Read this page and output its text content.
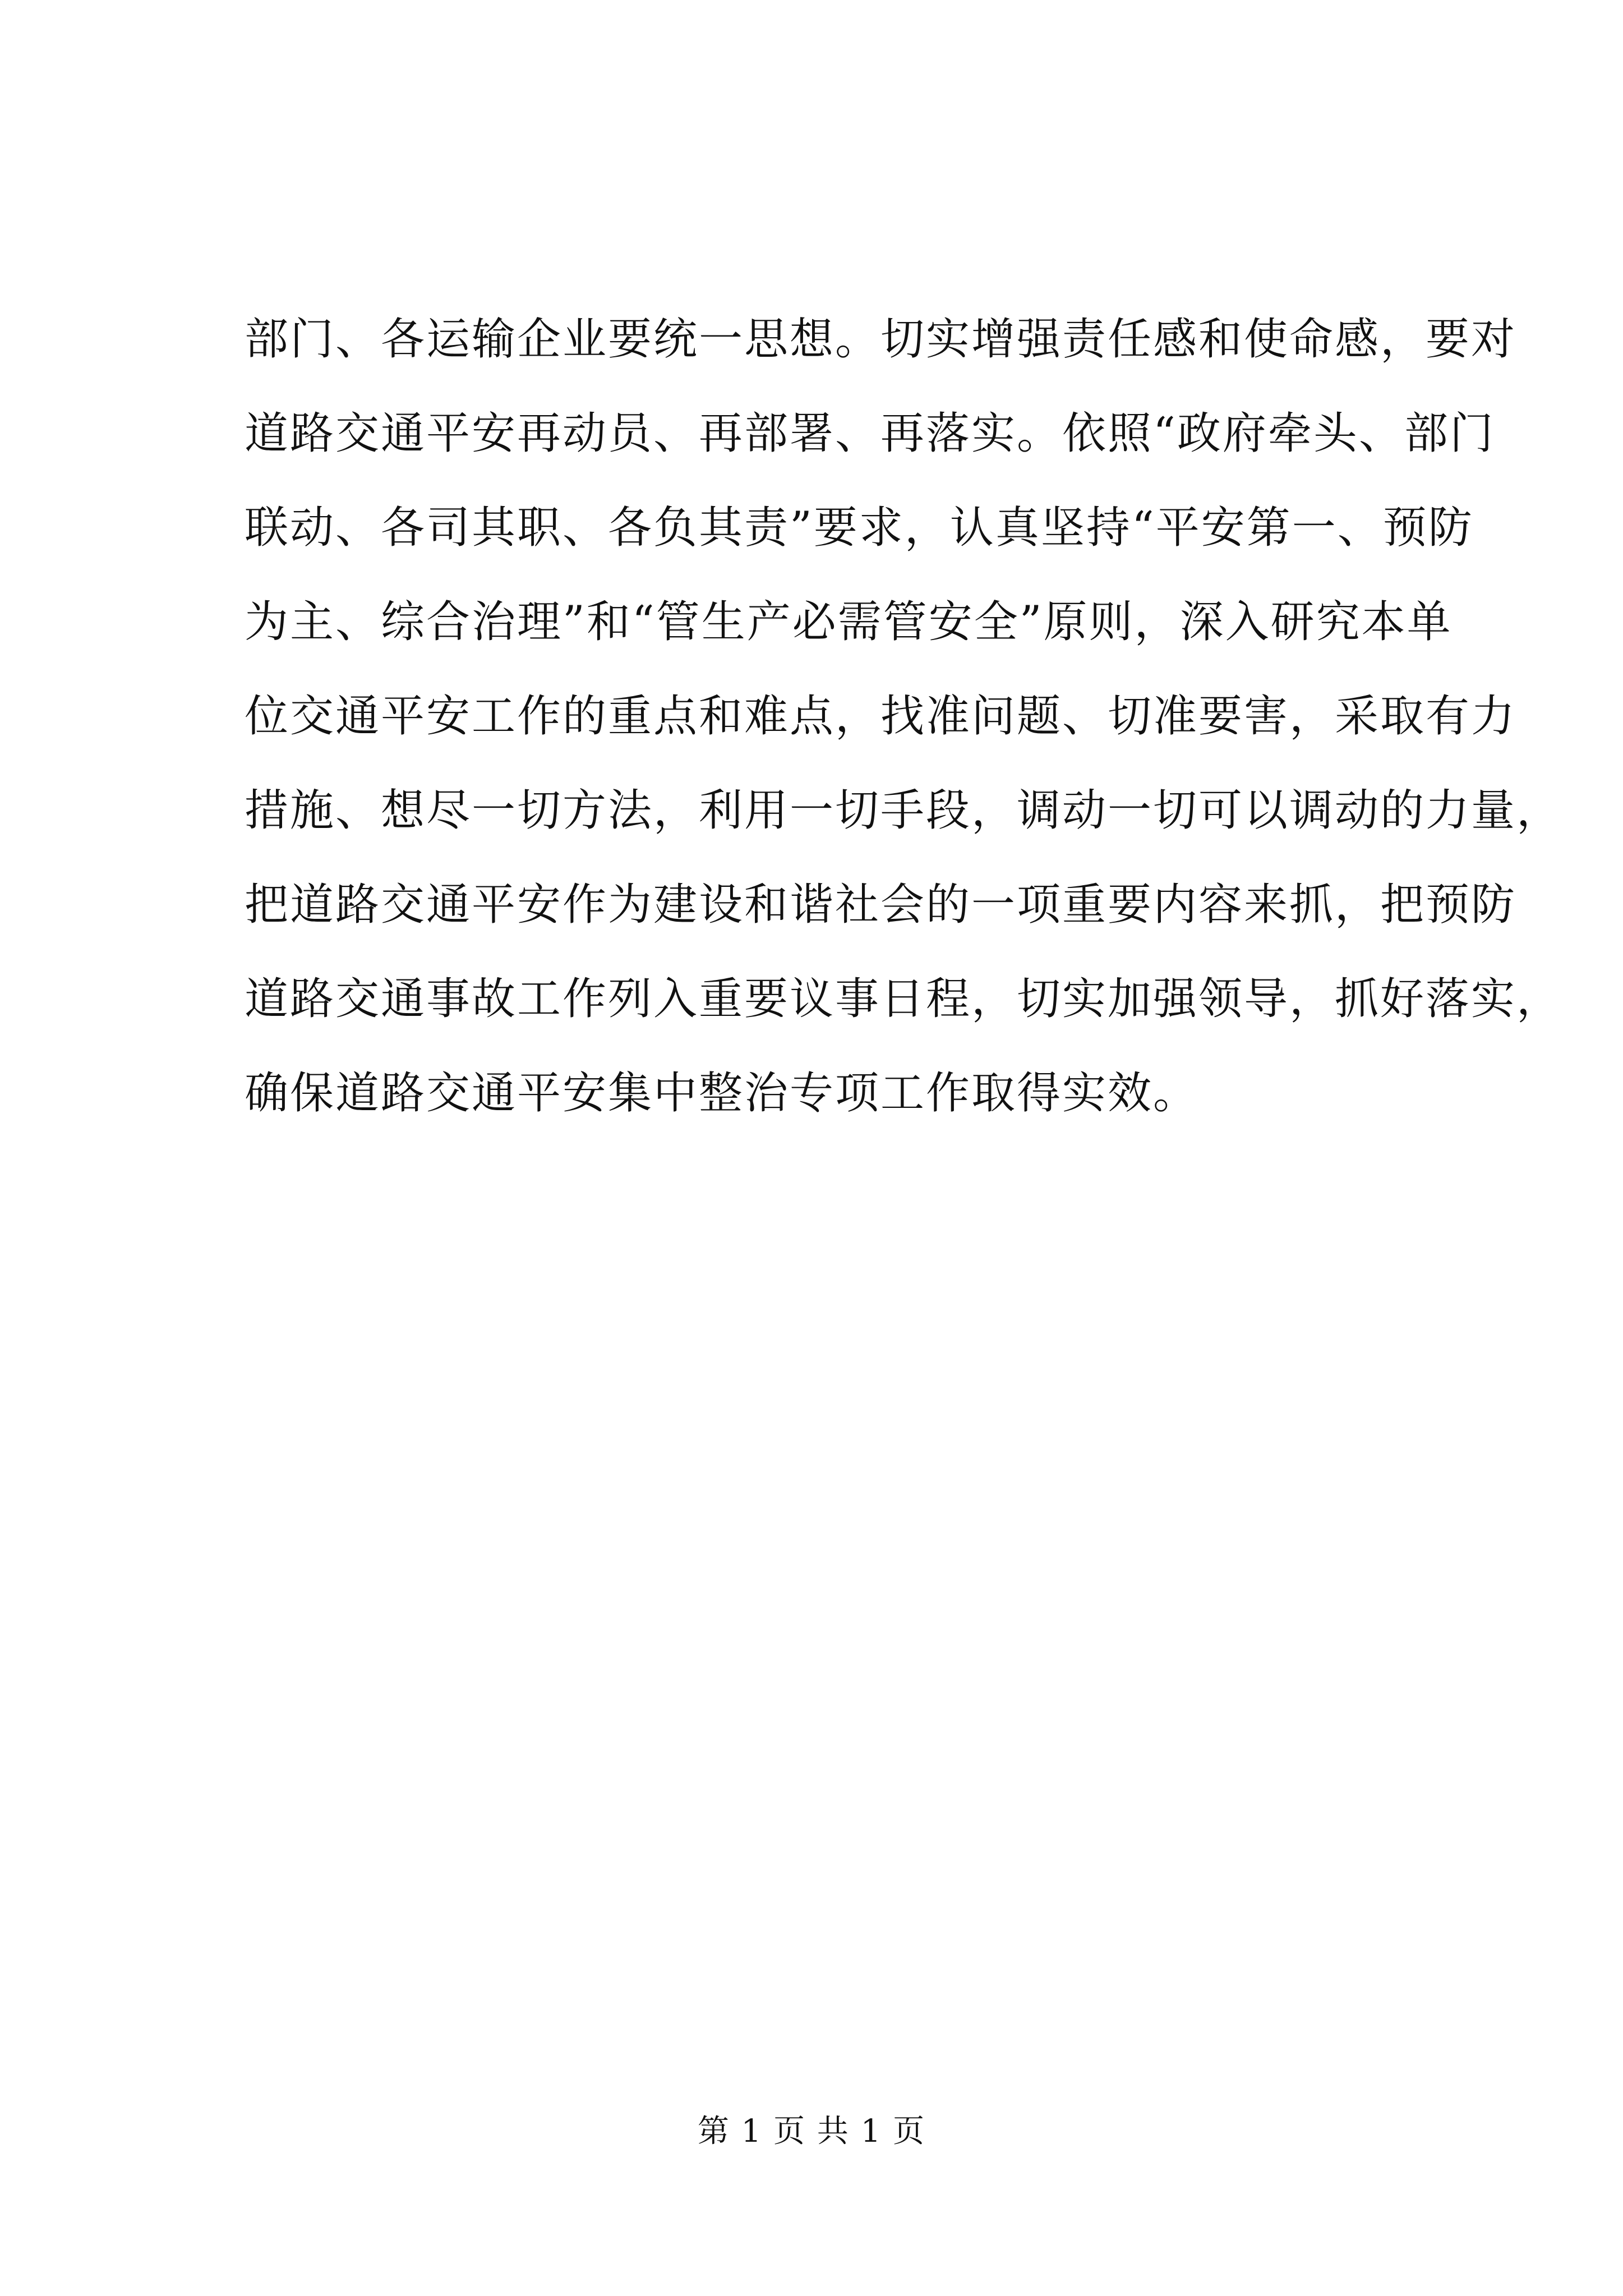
部门、各运输企业要统一思想。切实增强责任感和使命感，要对
道路交通平安再动员、再部署、再落实。依照“政府牵头、部门
联动、各司其职、各负其责”要求，认真坚持“平安第一、预防
为主、综合治理”和“管生产必需管安全”原则，深入研究本单
位交通平安工作的重点和难点，找准问题、切准要害，采取有力
措施、想尽一切方法，利用一切手段，调动一切可以调动的力量，
把道路交通平安作为建设和谐社会的一项重要内容来抓，把预防
道路交通事故工作列入重要议事日程，切实加强领导，抓好落实，
确保道路交通平安集中整治专项工作取得实效。
第 1 页 共 1 页
